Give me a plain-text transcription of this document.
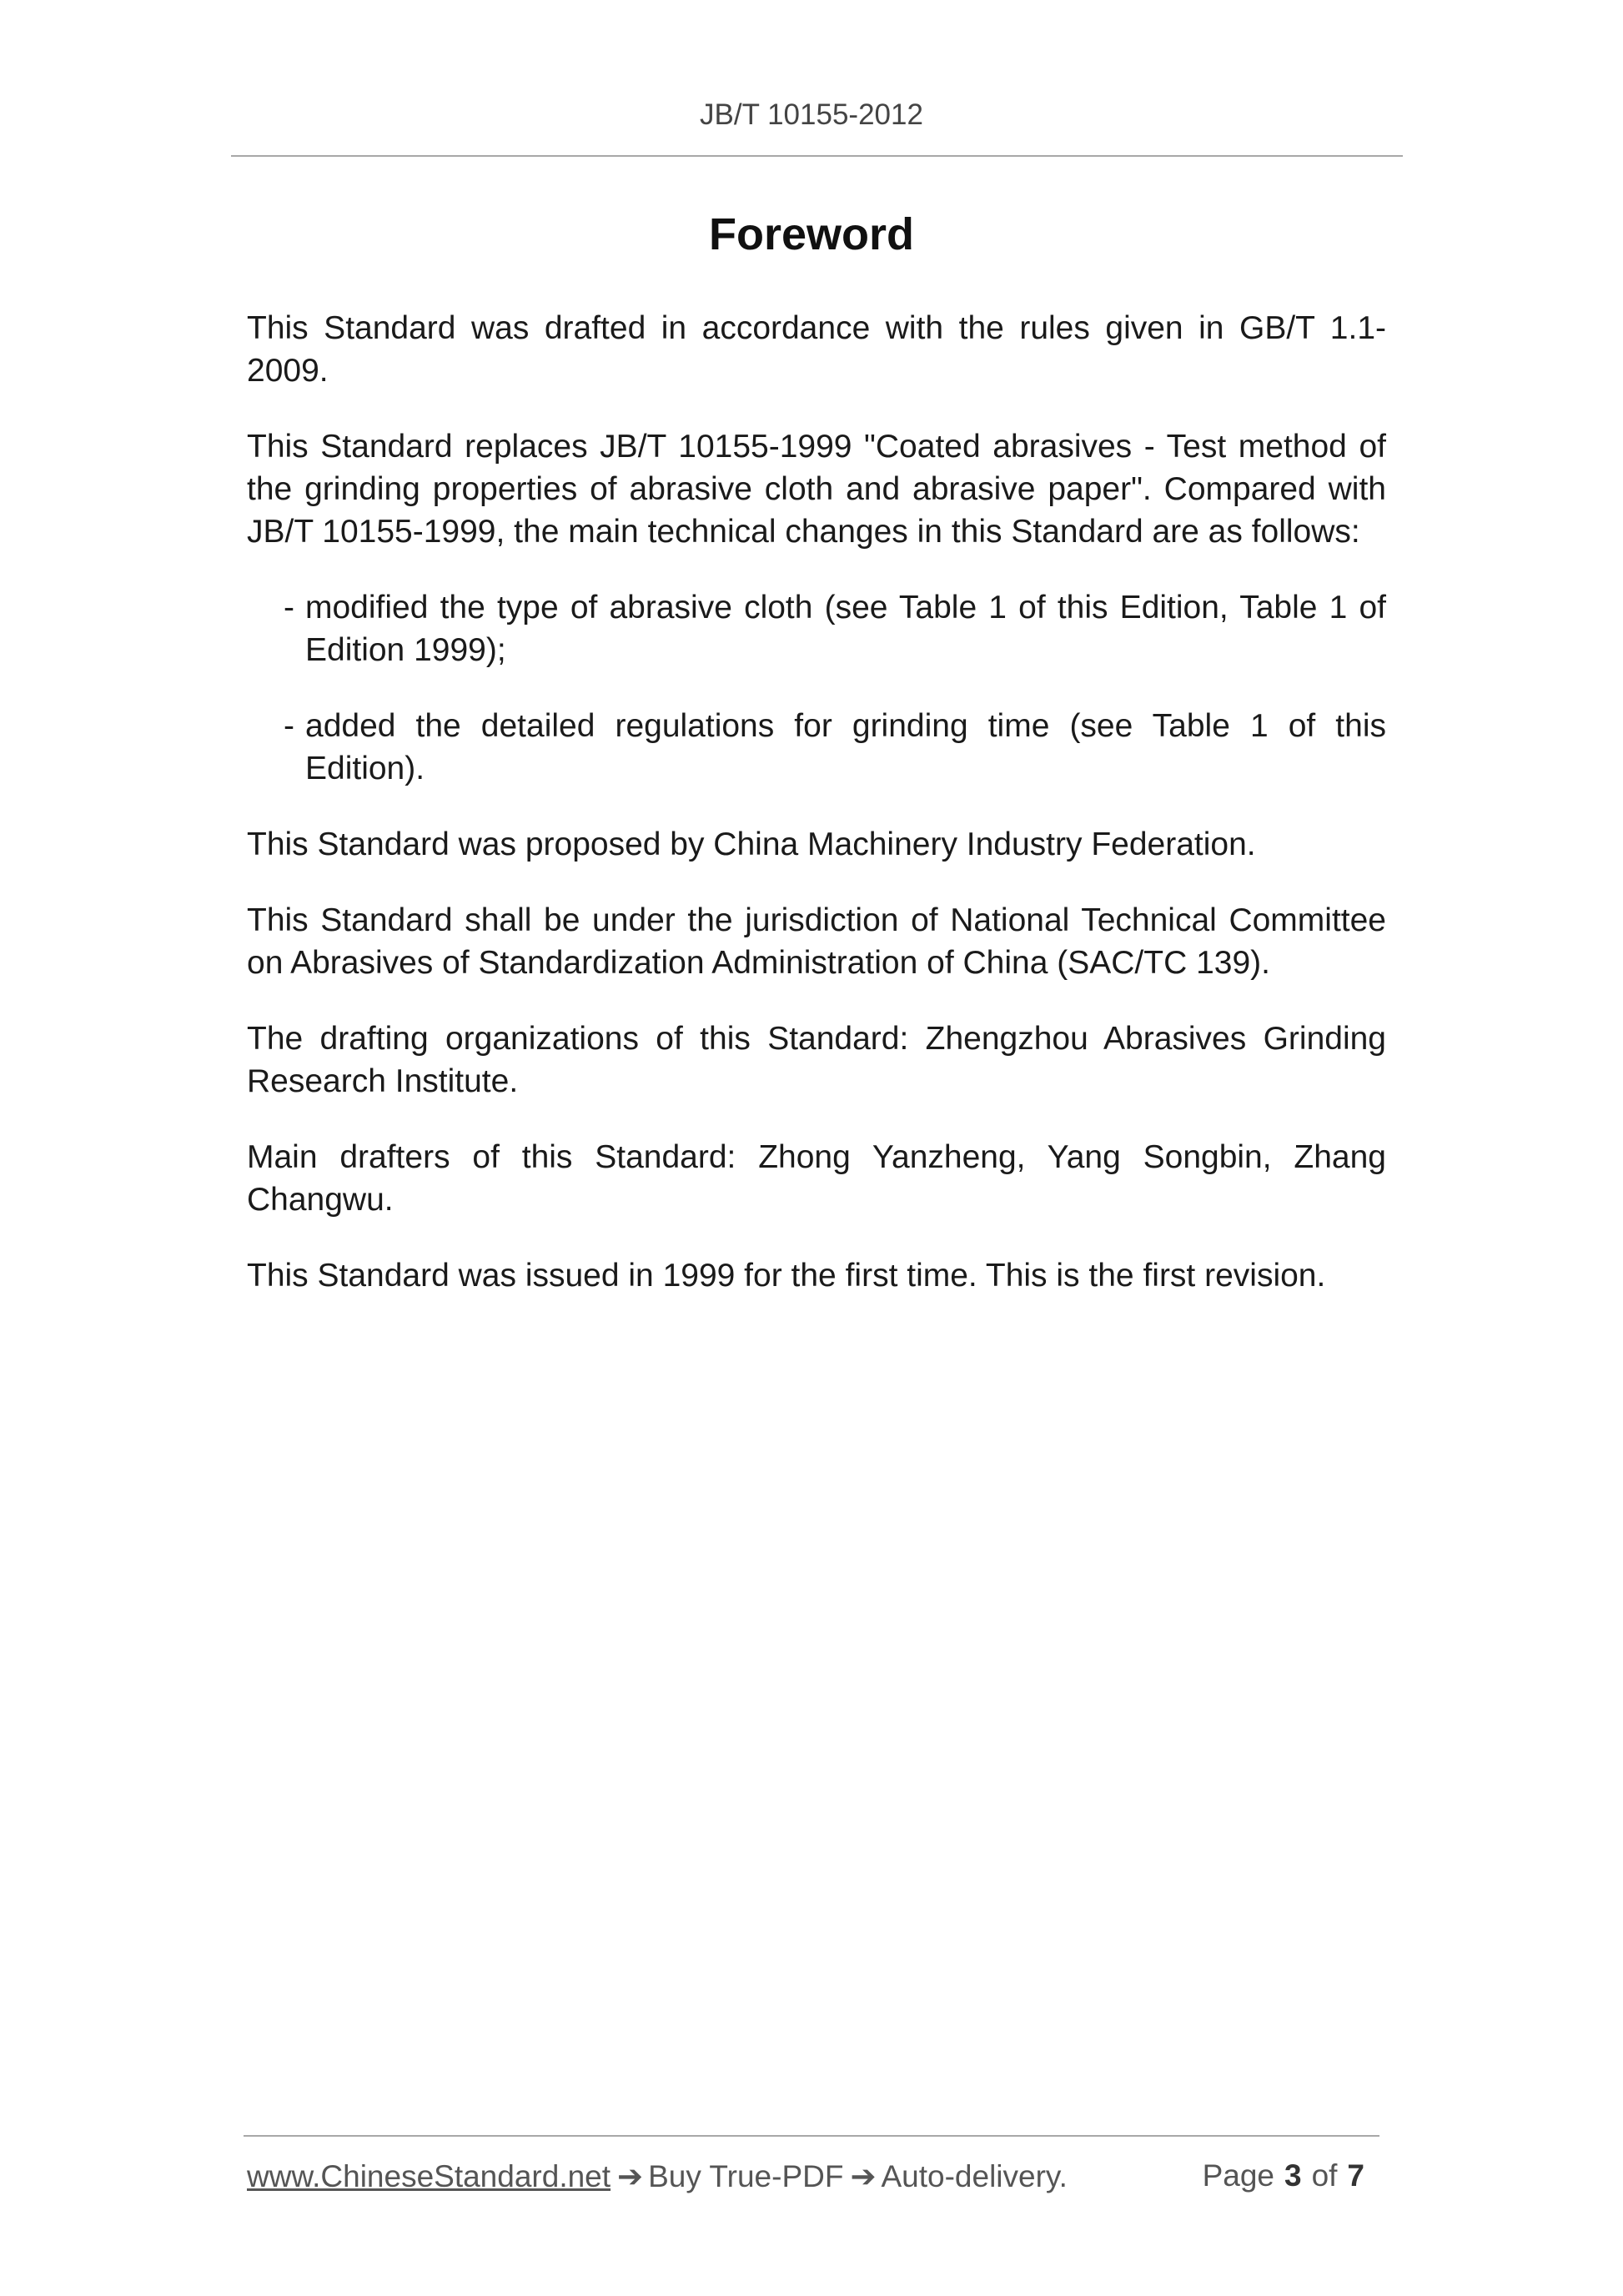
JB/T 10155-2012
Foreword

This Standard was drafted in accordance with the rules given in GB/T 1.1-2009.

This Standard replaces JB/T 10155-1999 "Coated abrasives - Test method of the grinding properties of abrasive cloth and abrasive paper". Compared with JB/T 10155-1999, the main technical changes in this Standard are as follows:

- modified the type of abrasive cloth (see Table 1 of this Edition, Table 1 of Edition 1999);
- added the detailed regulations for grinding time (see Table 1 of this Edition).

This Standard was proposed by China Machinery Industry Federation.

This Standard shall be under the jurisdiction of National Technical Committee on Abrasives of Standardization Administration of China (SAC/TC 139).

The drafting organizations of this Standard: Zhengzhou Abrasives Grinding Research Institute.

Main drafters of this Standard: Zhong Yanzheng, Yang Songbin, Zhang Changwu.

This Standard was issued in 1999 for the first time. This is the first revision.

www.ChineseStandard.net ➔ Buy True-PDF ➔ Auto-delivery.	Page 3 of 7
